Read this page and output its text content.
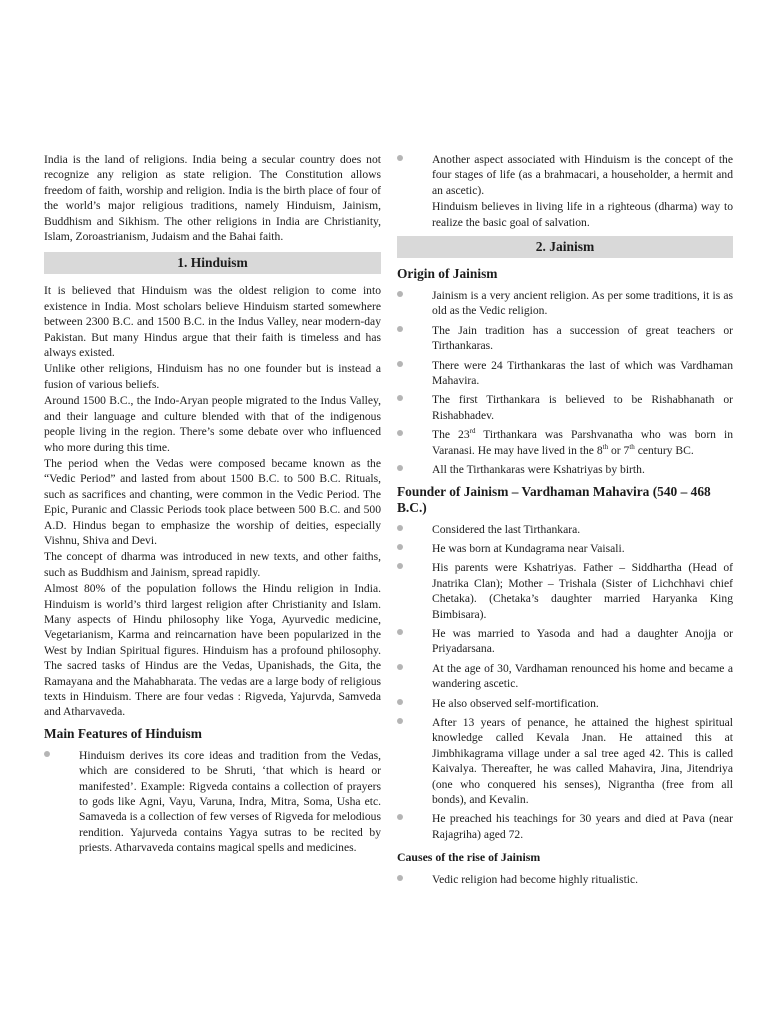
India is the land of religions. India being a secular country does not recognize any religion as state religion. The Constitution allows freedom of faith, worship and religion. India is the birth place of four of the world’s major religious traditions, namely Hinduism, Jainism, Buddhism and Sikhism. The other religions in India are Christianity, Islam, Zoroastrianism, Judaism and the Bahai faith.

1. Hinduism

It is believed that Hinduism was the oldest religion to come into existence in India. Most scholars believe Hinduism started somewhere between 2300 B.C. and 1500 B.C. in the Indus Valley, near modern-day Pakistan. But many Hindus argue that their faith is timeless and has always existed.

Unlike other religions, Hinduism has no one founder but is instead a fusion of various beliefs.

Around 1500 B.C., the Indo-Aryan people migrated to the Indus Valley, and their language and culture blended with that of the indigenous people living in the region. There’s some debate over who influenced who more during this time.

The period when the Vedas were composed became known as the “Vedic Period” and lasted from about 1500 B.C. to 500 B.C. Rituals, such as sacrifices and chanting, were common in the Vedic Period. The Epic, Puranic and Classic Periods took place between 500 B.C. and 500 A.D. Hindus began to emphasize the worship of deities, especially Vishnu, Shiva and Devi.

The concept of dharma was introduced in new texts, and other faiths, such as Buddhism and Jainism, spread rapidly.

Almost 80% of the population follows the Hindu religion in India. Hinduism is world’s third largest religion after Christianity and Islam. Many aspects of Hindu philosophy like Yoga, Ayurvedic medicine, Vegetarianism, Karma and reincarnation have been popularized in the West by Indian Spiritual figures. Hinduism has a profound philosophy. The sacred tasks of Hindus are the Vedas, Upanishads, the Gita, the Ramayana and the Mahabharata. The vedas are a large body of religious texts in Hinduism. There are four vedas : Rigveda, Yajurvda, Samveda and Atharvaveda.

Main Features of Hinduism
Hinduism derives its core ideas and tradition from the Vedas, which are considered to be Shruti, ‘that which is heard or manifested’. Example: Rigveda contains a collection of prayers to gods like Agni, Vayu, Varuna, Indra, Mitra, Soma, Usha etc. Samaveda is a collection of few verses of Rigveda for melodious rendition. Yajurveda contains Yagya sutras to be recited by priests. Atharvaveda contains magical spells and medicines.
Another aspect associated with Hinduism is the concept of the four stages of life (as a brahmacari, a householder, a hermit and an ascetic).

Hinduism believes in living life in a righteous (dharma) way to realize the basic goal of salvation.

2. Jainism
Origin of Jainism
Jainism is a very ancient religion. As per some traditions, it is as old as the Vedic religion.
The Jain tradition has a succession of great teachers or Tirthankaras.
There were 24 Tirthankaras the last of which was Vardhaman Mahavira.
The first Tirthankara is believed to be Rishabhanath or Rishabhadev.
The 23rd Tirthankara was Parshvanatha who was born in Varanasi. He may have lived in the 8th or 7th century BC.
All the Tirthankaras were Kshatriyas by birth.
Founder of Jainism – Vardhaman Mahavira (540 – 468 B.C.)
Considered the last Tirthankara.
He was born at Kundagrama near Vaisali.
His parents were Kshatriyas. Father – Siddhartha (Head of Jnatrika Clan); Mother – Trishala (Sister of Lichchhavi chief Chetaka). (Chetaka’s daughter married Haryanka King Bimbisara).
He was married to Yasoda and had a daughter Anojja or Priyadarsana.
At the age of 30, Vardhaman renounced his home and became a wandering ascetic.
He also observed self-mortification.
After 13 years of penance, he attained the highest spiritual knowledge called Kevala Jnan. He attained this at Jimbhikagrama village under a sal tree aged 42. This is called Kaivalya. Thereafter, he was called Mahavira, Jina, Jitendriya (one who conquered his senses), Nigrantha (free from all bonds), and Kevalin.
He preached his teachings for 30 years and died at Pava (near Rajagriha) aged 72.
Causes of the rise of Jainism
Vedic religion had become highly ritualistic.
